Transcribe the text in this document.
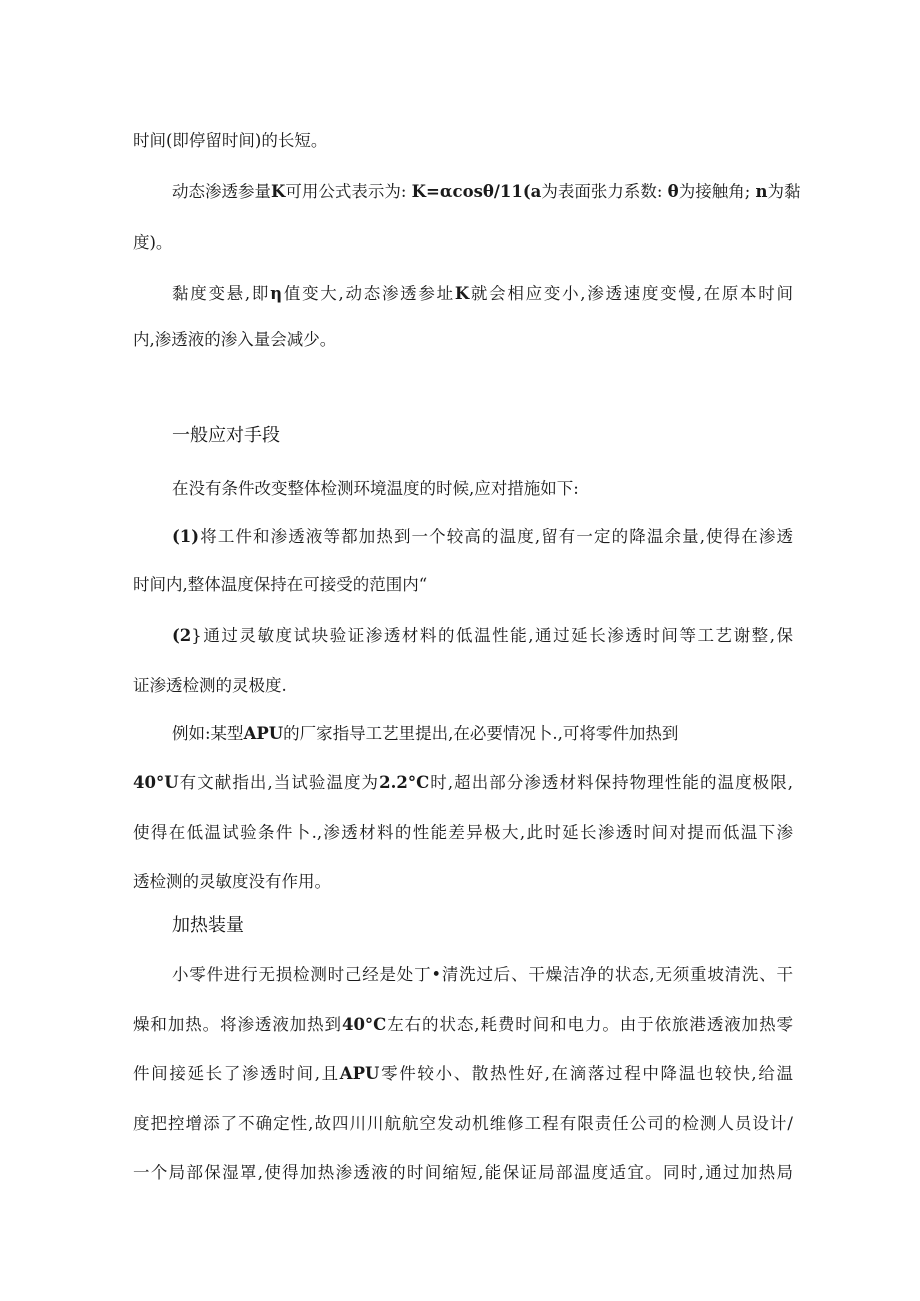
时间(即停留时间)的长短。
动态渗透参量K可用公式表示为: K=αcosθ/11(a为表面张力系数: θ为接触角; n为黏
度)。
黏度变悬,即η值变大,动态渗透参址K就会相应变小,渗透速度变慢,在原本时间
内,渗透液的渗入量会减少。
一般应对手段
在没有条件改变整体检测环境温度的时候,应对措施如下:
(1)将工件和渗透液等都加热到一个较高的温度,留有一定的降温余量,使得在渗透
时间内,整体温度保持在可接受的范围内“
(2}通过灵敏度试块验证渗透材料的低温性能,通过延长渗透时间等工艺谢整,保
证渗透检测的灵极度.
例如:某型APU的厂家指导工艺里提出,在必要情况卜.,可将零件加热到
40°U有文献指出,当试验温度为2.2°C时,超出部分渗透材料保持物理性能的温度极限,
使得在低温试验条件卜.,渗透材料的性能差异极大,此时延长渗透时间对提而低温下渗
透检测的灵敏度没有作用。
加热装量
小零件进行无损检测时己经是处丁•清洗过后、干燥洁净的状态,无须重坡清洗、干
燥和加热。将渗透液加热到40°C左右的状态,耗费时间和电力。由于依旅港透液加热零
件间接延长了渗透时间,且APU零件较小、散热性好,在滴落过程中降温也较快,给温
度把控增添了不确定性,故四川川航航空发动机维修工程有限责任公司的检测人员设计/
一个局部保湿罩,使得加热渗透液的时间缩短,能保证局部温度适宜。同时,通过加热局
